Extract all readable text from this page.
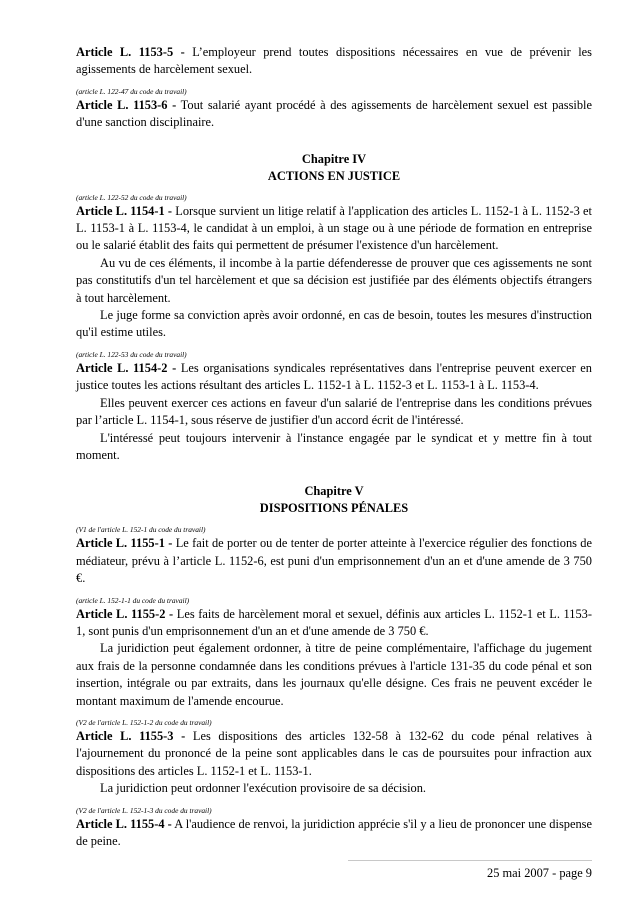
Article L. 1153-5 - L’employeur prend toutes dispositions nécessaires en vue de prévenir les agissements de harcèlement sexuel.

(article L. 122-47 du code du travail)

Article L. 1153-6 - Tout salarié ayant procédé à des agissements de harcèlement sexuel est passible d'une sanction disciplinaire.

Chapitre IV
ACTIONS EN JUSTICE

(article L. 122-52 du code du travail)

Article L. 1154-1 - Lorsque survient un litige relatif à l'application des articles L. 1152-1 à L. 1152-3 et L. 1153-1 à L. 1153-4, le candidat à un emploi, à un stage ou à une période de formation en entreprise ou le salarié établit des faits qui permettent de présumer l'existence d'un harcèlement.

Au vu de ces éléments, il incombe à la partie défenderesse de prouver que ces agissements ne sont pas constitutifs d'un tel harcèlement et que sa décision est justifiée par des éléments objectifs étrangers à tout harcèlement.

Le juge forme sa conviction après avoir ordonné, en cas de besoin, toutes les mesures d'instruction qu'il estime utiles.

(article L. 122-53 du code du travail)

Article L. 1154-2 - Les organisations syndicales représentatives dans l'entreprise peuvent exercer en justice toutes les actions résultant des articles L. 1152-1 à L. 1152-3 et L. 1153-1 à L. 1153-4.

Elles peuvent exercer ces actions en faveur d'un salarié de l'entreprise dans les conditions prévues par l’article L. 1154-1, sous réserve de justifier d'un accord écrit de l'intéressé.

L'intéressé peut toujours intervenir à l'instance engagée par le syndicat et y mettre fin à tout moment.

Chapitre V
DISPOSITIONS PÉNALES

(V1 de l'article L. 152-1 du code du travail)

Article L. 1155-1 - Le fait de porter ou de tenter de porter atteinte à l'exercice régulier des fonctions de médiateur, prévu à l’article L. 1152-6, est puni d'un emprisonnement d'un an et d'une amende de 3 750 €.

(article L. 152-1-1 du code du travail)

Article L. 1155-2 - Les faits de harcèlement moral et sexuel, définis aux articles L. 1152-1 et L. 1153-1, sont punis d'un emprisonnement d'un an et d'une amende de 3 750 €.

La juridiction peut également ordonner, à titre de peine complémentaire, l'affichage du jugement aux frais de la personne condamnée dans les conditions prévues à l'article 131-35 du code pénal et son insertion, intégrale ou par extraits, dans les journaux qu'elle désigne. Ces frais ne peuvent excéder le montant maximum de l'amende encourue.

(V2 de l'article L. 152-1-2 du code du travail)

Article L. 1155-3 - Les dispositions des articles 132-58 à 132-62 du code pénal relatives à l'ajournement du prononcé de la peine sont applicables dans le cas de poursuites pour infraction aux dispositions des articles L. 1152-1 et L. 1153-1.

La juridiction peut ordonner l'exécution provisoire de sa décision.

(V2 de l'article L. 152-1-3 du code du travail)

Article L. 1155-4 - A l'audience de renvoi, la juridiction apprécie s'il y a lieu de prononcer une dispense de peine.

25 mai 2007 - page 9
